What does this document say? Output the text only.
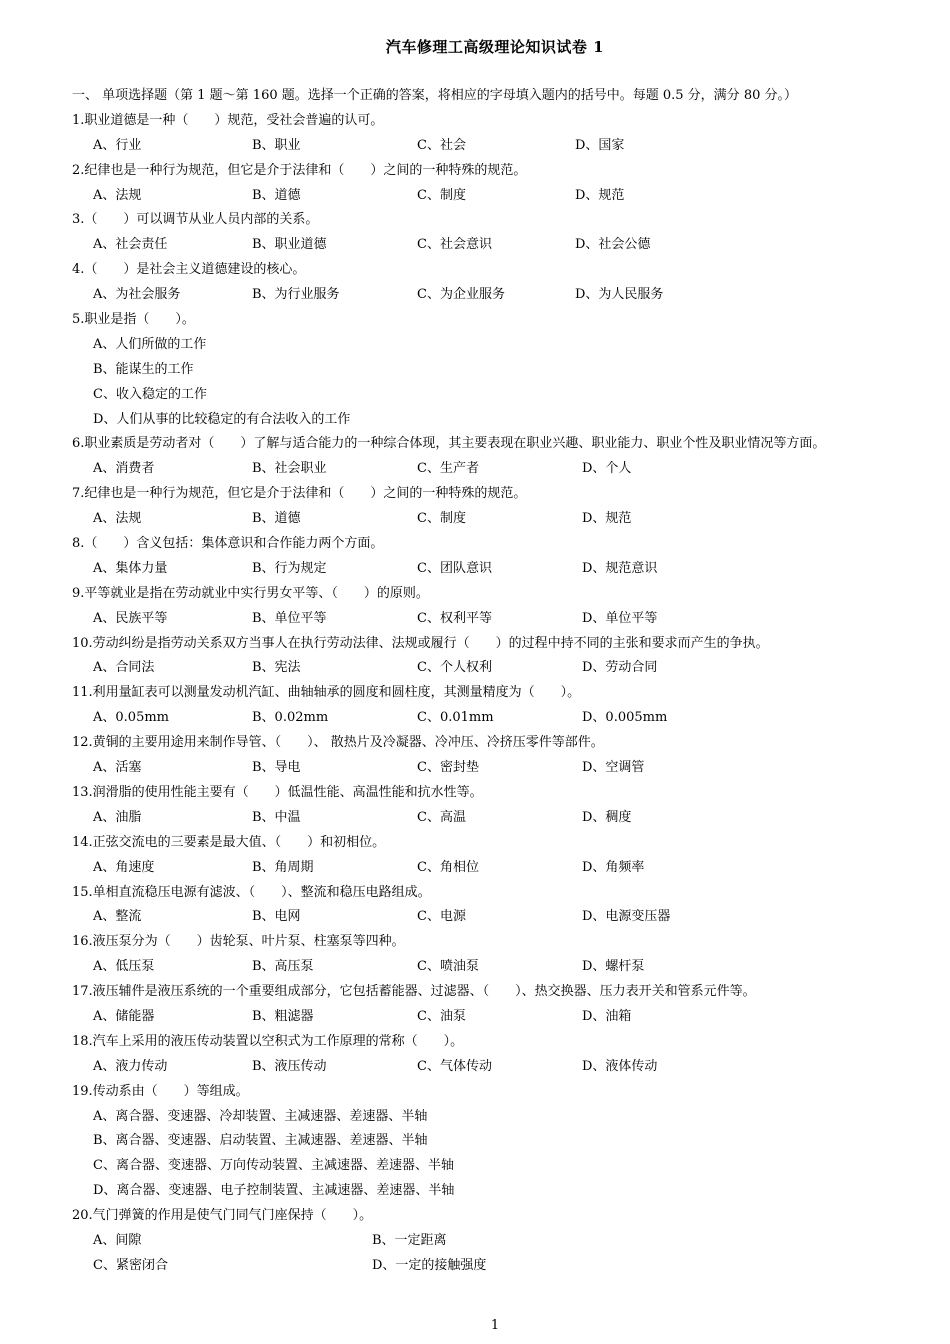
汽车修理工高级理论知识试卷 1
一、 单项选择题（第 1 题～第 160 题。选择一个正确的答案，将相应的字母填入题内的括号中。每题 0.5 分，满分 80 分。）
1.职业道德是一种（　　）规范，受社会普遍的认可。
A、行业	B、职业	C、社会	D、国家
2.纪律也是一种行为规范，但它是介于法律和（　　）之间的一种特殊的规范。
A、法规	B、道德	C、制度	D、规范
3.（　　）可以调节从业人员内部的关系。
A、社会责任	B、职业道德	C、社会意识	D、社会公德
4.（　　）是社会主义道德建设的核心。
A、为社会服务	B、为行业服务	C、为企业服务	D、为人民服务
5.职业是指（　　）。
A、人们所做的工作
B、能谋生的工作
C、收入稳定的工作
D、人们从事的比较稳定的有合法收入的工作
6.职业素质是劳动者对（　　）了解与适合能力的一种综合体现，其主要表现在职业兴趣、职业能力、职业个性及职业情况等方面。
A、消费者	B、社会职业	C、生产者	D、个人
7.纪律也是一种行为规范，但它是介于法律和（　　）之间的一种特殊的规范。
A、法规	B、道德	C、制度	D、规范
8.（　　）含义包括：集体意识和合作能力两个方面。
A、集体力量	B、行为规定	C、团队意识	D、规范意识
9.平等就业是指在劳动就业中实行男女平等、（　　）的原则。
A、民族平等	B、单位平等	C、权利平等	D、单位平等
10.劳动纠纷是指劳动关系双方当事人在执行劳动法律、法规或履行（　　）的过程中持不同的主张和要求而产生的争执。
A、合同法	B、宪法	C、个人权利	D、劳动合同
11.利用量缸表可以测量发动机汽缸、曲轴轴承的圆度和圆柱度，其测量精度为（　　）。
A、0.05mm	B、0.02mm	C、0.01mm	D、0.005mm
12.黄铜的主要用途用来制作导管、（　　）、 散热片及冷凝器、冷冲压、冷挤压零件等部件。
A、活塞	B、导电	C、密封垫	D、空调管
13.润滑脂的使用性能主要有（　　）低温性能、高温性能和抗水性等。
A、油脂	B、中温	C、高温	D、稠度
14.正弦交流电的三要素是最大值、（　　）和初相位。
A、角速度	B、角周期	C、角相位	D、角频率
15.单相直流稳压电源有滤波、（　　）、整流和稳压电路组成。
A、整流	B、电网	C、电源	D、电源变压器
16.液压泵分为（　　）齿轮泵、叶片泵、柱塞泵等四种。
A、低压泵	B、高压泵	C、喷油泵	D、螺杆泵
17.液压辅件是液压系统的一个重要组成部分，它包括蓄能器、过滤器、（　　）、热交换器、压力表开关和管系元件等。
A、储能器	B、粗滤器	C、油泵	D、油箱
18.汽车上采用的液压传动装置以空积式为工作原理的常称（　　）。
A、液力传动	B、液压传动	C、气体传动	D、液体传动
19.传动系由（　　）等组成。
A、离合器、变速器、冷却装置、主减速器、差速器、半轴
B、离合器、变速器、启动装置、主减速器、差速器、半轴
C、离合器、变速器、万向传动装置、主减速器、差速器、半轴
D、离合器、变速器、电子控制装置、主减速器、差速器、半轴
20.气门弹簧的作用是使气门同气门座保持（　　）。
A、间隙	B、一定距离
C、紧密闭合	D、一定的接触强度
1
